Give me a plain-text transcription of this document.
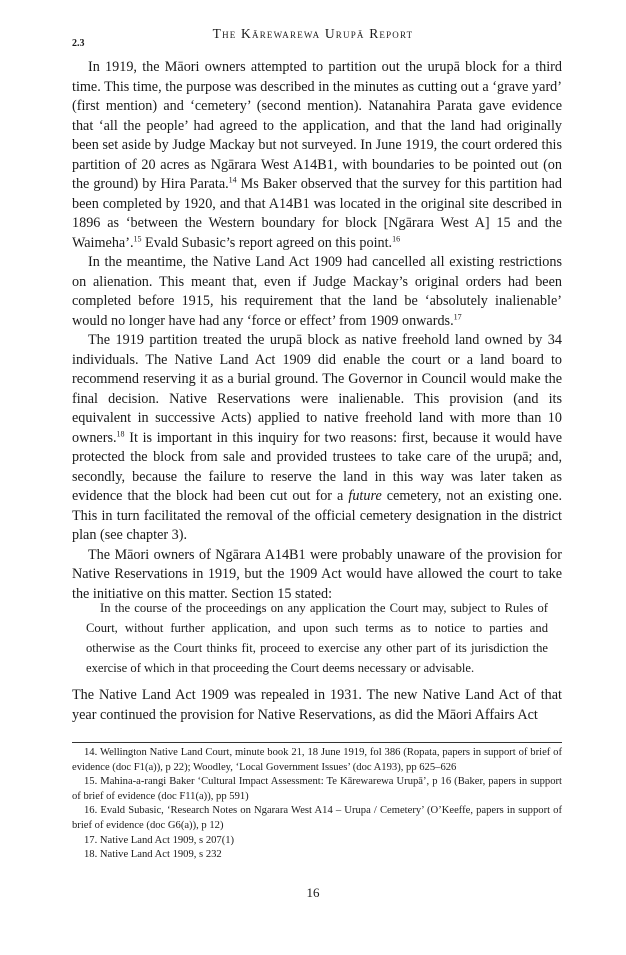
The Kārewarewa Urupā Report
2.3

In 1919, the Māori owners attempted to partition out the urupā block for a third time. This time, the purpose was described in the minutes as cutting out a ‘grave yard’ (first mention) and ‘cemetery’ (second mention). Natanahira Parata gave evidence that ‘all the people’ had agreed to the application, and that the land had originally been set aside by Judge Mackay but not surveyed. In June 1919, the court ordered this partition of 20 acres as Ngārara West A14B1, with boundaries to be pointed out (on the ground) by Hira Parata.$^{14}$ Ms Baker observed that the survey for this partition had been completed by 1920, and that A14B1 was located in the original site described in 1896 as ‘between the Western boundary for block [Ngārara West A] 15 and the Waimeha’.$^{15}$ Evald Subasic’s report agreed on this point.$^{16}$

In the meantime, the Native Land Act 1909 had cancelled all existing restrictions on alienation. This meant that, even if Judge Mackay’s original orders had been completed before 1915, his requirement that the land be ‘absolutely inalienable’ would no longer have had any ‘force or effect’ from 1909 onwards.$^{17}$

The 1919 partition treated the urupā block as native freehold land owned by 34 individuals. The Native Land Act 1909 did enable the court or a land board to recommend reserving it as a burial ground. The Governor in Council would make the final decision. Native Reservations were inalienable. This provision (and its equivalent in successive Acts) applied to native freehold land with more than 10 owners.$^{18}$ It is important in this inquiry for two reasons: first, because it would have protected the block from sale and provided trustees to take care of the urupā; and, secondly, because the failure to reserve the land in this way was later taken as evidence that the block had been cut out for a future cemetery, not an existing one. This in turn facilitated the removal of the official cemetery designation in the district plan (see chapter 3).

The Māori owners of Ngārara A14B1 were probably unaware of the provision for Native Reservations in 1919, but the 1909 Act would have allowed the court to take the initiative on this matter. Section 15 stated:

In the course of the proceedings on any application the Court may, subject to Rules of Court, without further application, and upon such terms as to notice to parties and otherwise as the Court thinks fit, proceed to exercise any other part of its jurisdiction the exercise of which in that proceeding the Court deems necessary or advisable.
The Native Land Act 1909 was repealed in 1931. The new Native Land Act of that year continued the provision for Native Reservations, as did the Māori Affairs Act

14. Wellington Native Land Court, minute book 21, 18 June 1919, fol 386 (Ropata, papers in support of brief of evidence (doc F1(a)), p 22); Woodley, ‘Local Government Issues’ (doc A193), pp 625–626

15. Mahina-a-rangi Baker ‘Cultural Impact Assessment: Te Kārewarewa Urupā’, p 16 (Baker, papers in support of brief of evidence (doc F11(a)), pp 591)

16. Evald Subasic, ‘Research Notes on Ngarara West A14 – Urupa / Cemetery’ (O’Keeffe, papers in support of brief of evidence (doc G6(a)), p 12)

17. Native Land Act 1909, s 207(1)

18. Native Land Act 1909, s 232

16
